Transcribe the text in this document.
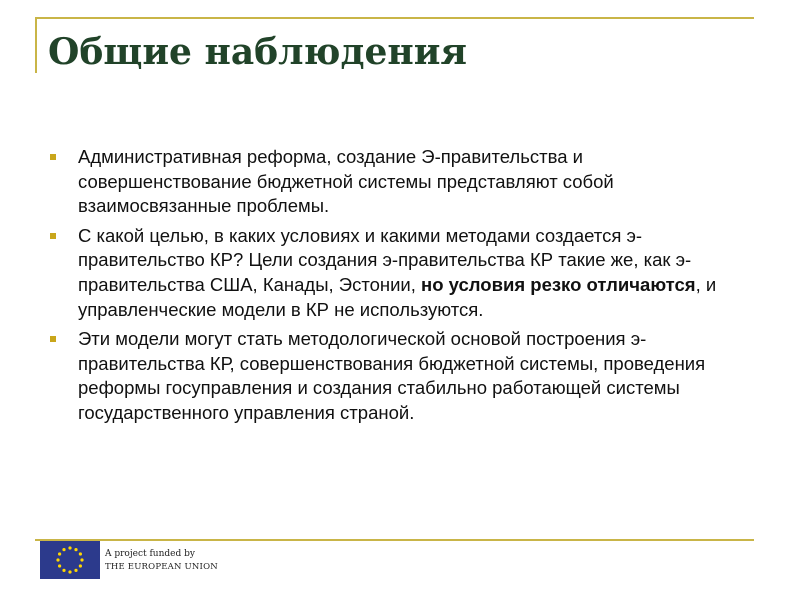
Общие наблюдения
Административная реформа, создание Э-правительства и совершенствование бюджетной системы представляют собой взаимосвязанные проблемы.
С какой целью, в каких условиях и какими методами создается э-правительство КР? Цели создания э-правительства КР такие же, как э-правительства США, Канады, Эстонии, но условия резко отличаются, и управленческие модели в КР не используются.
Эти модели могут стать методологической основой построения э-правительства КР, совершенствования бюджетной системы, проведения реформы госуправления и создания стабильно работающей системы государственного управления страной.
A project funded by
THE EUROPEAN UNION
